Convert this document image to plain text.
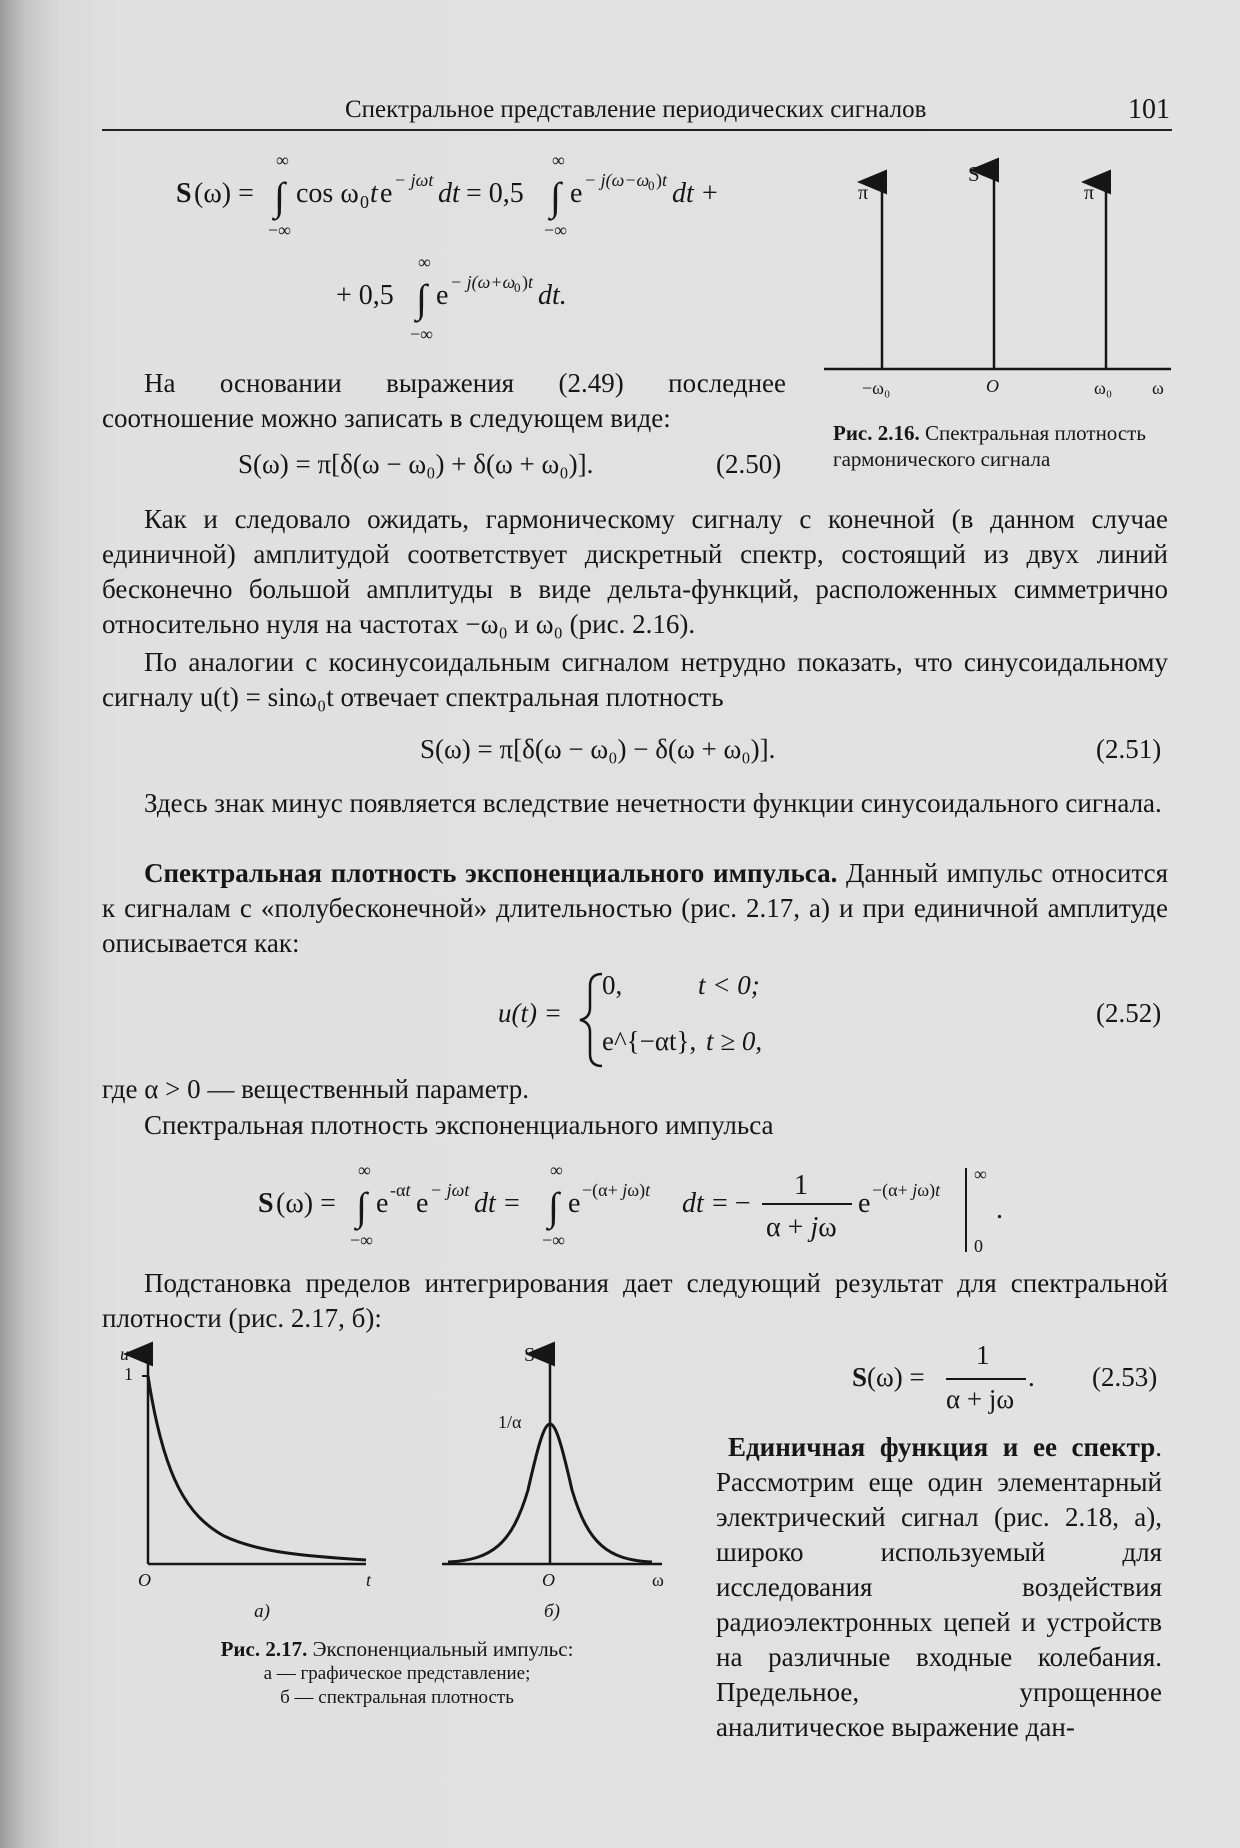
Спектральное представление периодических сигналов	101
S (ω) =
∞
∫
−∞
cos ω 0 t e − jωt dt = 0,5
∞
∫
−∞
e − j(ω−ω
0 )t dt +
+ 0,5
∞
∫
−∞
e − j(ω+ω
0 )t dt.
На основании выражения (2.49) последнее соотношение можно записать в следующем виде:
S(ω) = π[δ(ω − ω₀) + δ(ω + ω₀)].	(2.50)
S
π	π
−ω₀	O	ω₀ ω
Рис. 2.16. Спектральная плотность гармонического сигнала
Как и следовало ожидать, гармоническому сигналу с конечной (в данном случае единичной) амплитудой соответствует дискретный спектр, состоящий из двух линий бесконечно большой амплитуды в виде дельта-функций, расположенных симметрично относительно нуля на частотах −ω₀ и ω₀ (рис. 2.16).
По аналогии с косинусоидальным сигналом нетрудно показать, что синусоидальному сигналу u(t) = sinω₀t отвечает спектральная плотность
S(ω) = π[δ(ω − ω₀) − δ(ω + ω₀)].	(2.51)
Здесь знак минус появляется вследствие нечетности функции синусоидального сигнала.
Спектральная плотность экспоненциального импульса. Данный импульс относится к сигналам с «полубесконечной» длительностью (рис. 2.17, а) и при единичной амплитуде описывается как:
u(t) =
0,	t < 0;
e^{−αt}, t ≥ 0,
(2.52)
где α > 0 — вещественный параметр.
Спектральная плотность экспоненциального импульса
S (ω) =
∞
∫
−∞
e -αt e − jωt dt =
∞
∫
−∞
e −(α+ jω)t dt = −
1
α + jω
e −(α+ jω)t
∞
0
.
Подстановка пределов интегрирования дает следующий результат для спектральной плотности (рис. 2.17, б):
S(ω) =
1
α + jω
. (2.53)
Единичная функция и ее спектр. Рассмотрим еще один элементарный электрический сигнал (рис. 2.18, а), широко используемый для исследования воздействия радиоэлектронных цепей и устройств на различные входные колебания. Предельное, упрощенное аналитическое выражение дан-
u
1
O	t
S
1/α
O	ω
а)	б)
Рис. 2.17. Экспоненциальный импульс:
а — графическое представление;
б — спектральная плотность
